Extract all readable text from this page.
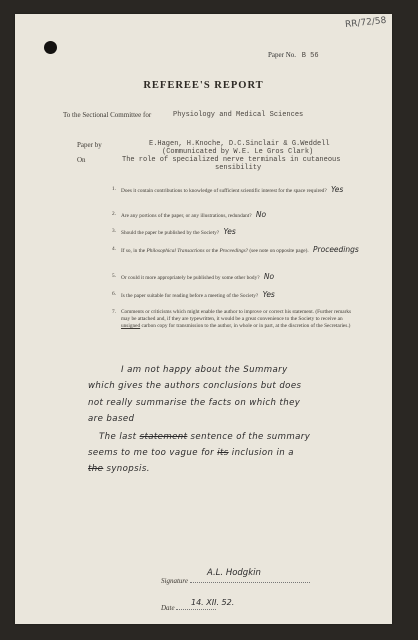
RR/72/58
Paper No. B 56
REFEREE'S REPORT
To the Sectional Committee for	Physiology and Medical Sciences
Paper by	E.Hagen, H.Knoche, D.C.Sinclair & G.Weddell
(Communicated by W.E. Le Gros Clark)
On	The role of specialized nerve terminals in cutaneous
sensibility
1. Does it contain contributions to knowledge of sufficient scientific interest for the space required? Yes
2. Are any portions of the paper, or any illustrations, redundant? No
3. Should the paper be published by the Society? Yes
4. If so, in the Philosophical Transactions or the Proceedings? (see note on opposite page). Proceedings
5. Or could it more appropriately be published by some other body? No
6. Is the paper suitable for reading before a meeting of the Society? Yes
7. Comments or criticisms which might enable the author to improve or correct his statement. (Further remarks may be attached and, if they are typewritten, it would be a great convenience to the Society to receive an unsigned carbon copy for transmission to the author, in whole or in part, at the discretion of the Secretaries.)
I am not happy about the Summary
which gives the authors conclusions but does
not really summarise the facts on which they
are based
The last statement sentence of the summary
seems to me too vague for its inclusion in a
the synopsis.
Signature
A.L. Hodgkin
Date
14. XII. 52.
